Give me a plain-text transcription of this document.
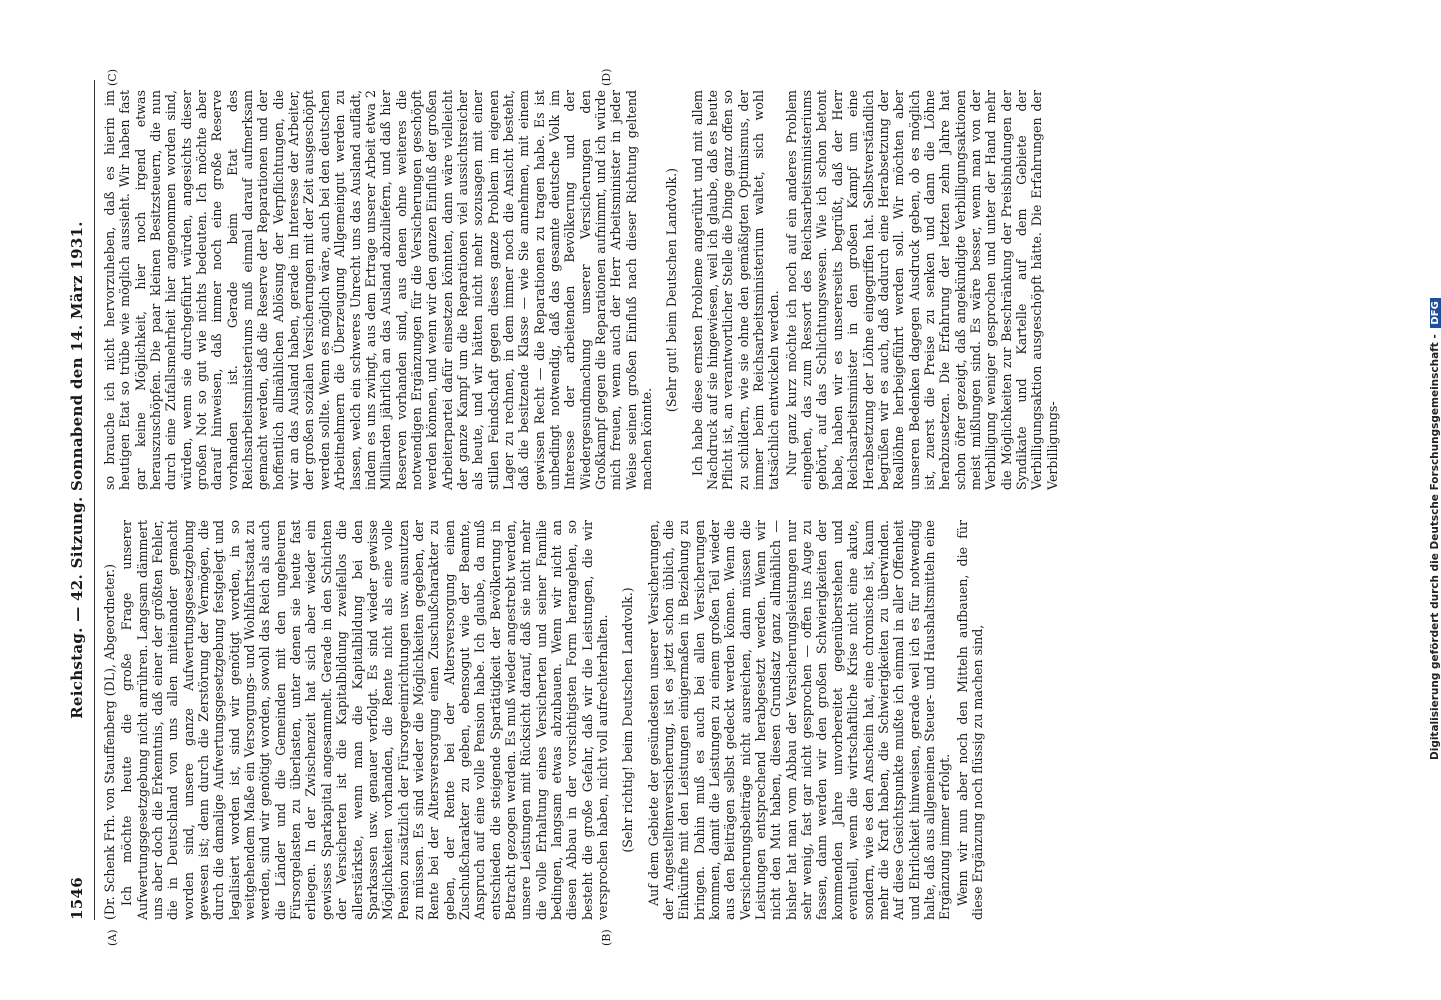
1546
Reichstag. — 42. Sitzung. Sonnabend den 14. März 1931.
(A)	(B)
(C)	(D)

(Dr. Schenk Frh. von Stauffenberg (DL), Abgeordneter.) Ich möchte heute die große Frage unserer Aufwertungsgesetzgebung nicht anrühren. Langsam dämmert uns aber doch die Erkenntnis, daß einer der größten Fehler, die in Deutschland von uns allen miteinander gemacht worden sind, unsere ganze Aufwertungsgesetzgebung gewesen ist; denn durch die Zerstörung der Vermögen, die durch die damalige Aufwertungsgesetzgebung festgelegt und legalisiert worden ist, sind wir genötigt worden, in so weitgehendem Maße ein Versorgungs- und Wohlfahrtsstaat zu werden, sind wir genötigt worden, sowohl das Reich als auch die Länder und die Gemeinden mit den ungeheuren Fürsorgelasten zu überlasten, unter denen sie heute fast erliegen. In der Zwischenzeit hat sich aber wieder ein gewisses Sparkapital angesammelt. Gerade in den Schichten der Versicherten ist die Kapitalbildung zweifellos die allerstärkste, wenn man die Kapitalbildung bei den Sparkassen usw. genauer verfolgt. Es sind wieder gewisse Möglichkeiten vorhanden, die Rente nicht als eine volle Pension zusätzlich der Fürsorgeeinrichtungen usw. ausnutzen zu müssen. Es sind wieder die Möglichkeiten gegeben, der Rente bei der Altersversorgung einen Zuschußcharakter zu geben, der Rente bei der Altersversorgung einen Zuschußcharakter zu geben, ebensogut wie der Beamte, Anspruch auf eine volle Pension habe. Ich glaube, da muß entschieden die steigende Spartätigkeit der Bevölkerung in Betracht gezogen werden. Es muß wieder angestrebt werden, unsere Leistungen mit Rücksicht darauf, daß sie nicht mehr die volle Erhaltung eines Versicherten und seiner Familie bedingen, langsam etwas abzubauen. Wenn wir nicht an diesen Abbau in der vorsichtigsten Form herangehen, so besteht die große Gefahr, daß wir die Leistungen, die wir versprochen haben, nicht voll aufrechterhalten. (Sehr richtig! beim Deutschen Landvolk.) Auf dem Gebiete der gesündesten unserer Versicherungen, der Angestelltenversicherung, ist es jetzt schon üblich, die Einkünfte mit den Leistungen einigermaßen in Beziehung zu bringen. Dahin muß es auch bei allen Versicherungen kommen, damit die Leistungen zu einem großen Teil wieder aus den Beiträgen selbst gedeckt werden können. Wenn die Versicherungsbeiträge nicht ausreichen, dann müssen die Leistungen entsprechend herabgesetzt werden. Wenn wir nicht den Mut haben, diesen Grundsatz ganz allmählich — bisher hat man vom Abbau der Versicherungsleistungen nur sehr wenig, fast gar nicht gesprochen — offen ins Auge zu fassen, dann werden wir den großen Schwierigkeiten der kommenden Jahre unvorbereitet gegenüberstehen und eventuell, wenn die wirtschaftliche Krise nicht eine akute, sondern, wie es den Anschein hat, eine chronische ist, kaum mehr die Kraft haben, die Schwierigkeiten zu überwinden. Auf diese Gesichtspunkte mußte ich einmal in aller Offenheit und Ehrlichkeit hinweisen, gerade weil ich es für notwendig halte, daß aus allgemeinen Steuer- und Haushaltsmitteln eine Ergänzung immer erfolgt. Wenn wir nun aber noch den Mitteln aufbauen, die für diese Ergänzung noch flüssig zu machen sind,

so brauche ich nicht hervorzuheben, daß es hierin im heutigen Etat so trübe wie möglich aussieht. Wir haben fast gar keine Möglichkeit, hier noch irgend etwas herauszuschöpfen. Die paar kleinen Besitzsteuern, die nun durch eine Zufallsmehrheit hier angenommen worden sind, würden, wenn sie durchgeführt würden, angesichts dieser großen Not so gut wie nichts bedeuten. Ich möchte aber darauf hinweisen, daß immer noch eine große Reserve vorhanden ist. Gerade beim Etat des Reichsarbeitsministeriums muß einmal darauf aufmerksam gemacht werden, daß die Reserve der Reparationen und der hoffentlich allmählichen Ablösung der Verpflichtungen, die wir an das Ausland haben, gerade im Interesse der Arbeiter, der großen sozialen Versicherungen mit der Zeit ausgeschöpft werden sollte. Wenn es möglich wäre, auch bei den deutschen Arbeitnehmern die Überzeugung Allgemeingut werden zu lassen, welch ein schweres Unrecht uns das Ausland auflädt, indem es uns zwingt, aus dem Ertrage unserer Arbeit etwa 2 Milliarden jährlich an das Ausland abzuliefern, und daß hier Reserven vorhanden sind, aus denen ohne weiteres die notwendigen Ergänzungen für die Versicherungen geschöpft werden können, und wenn wir den ganzen Einfluß der großen Arbeiterpartei dafür einsetzen könnten, dann wäre vielleicht der ganze Kampf um die Reparationen viel aussichtsreicher als heute, und wir hätten nicht mehr sozusagen mit einer stillen Feindschaft gegen dieses ganze Problem im eigenen Lager zu rechnen, in dem immer noch die Ansicht besteht, daß die besitzende Klasse — wie Sie annehmen, mit einem gewissen Recht — die Reparationen zu tragen habe. Es ist unbedingt notwendig, daß das gesamte deutsche Volk im Interesse der arbeitenden Bevölkerung und der Wiedergesundmachung unserer Versicherungen den Großkampf gegen die Reparationen aufnimmt, und ich würde mich freuen, wenn auch der Herr Arbeitsminister in jeder Weise seinen großen Einfluß nach dieser Richtung geltend machen könnte.

(Sehr gut! beim Deutschen Landvolk.) Ich habe diese ernsten Probleme angerührt und mit allem Nachdruck auf sie hingewiesen, weil ich glaube, daß es heute Pflicht ist, an verantwortlicher Stelle die Dinge ganz offen so zu schildern, wie sie ohne den gemäßigten Optimismus, der immer beim Reichsarbeitsministerium waltet, sich wohl tatsächlich entwickeln werden. Nur ganz kurz möchte ich noch auf ein anderes Problem eingehen, das zum Ressort des Reichsarbeitsministeriums gehört, auf das Schlichtungswesen. Wie ich schon betont habe, haben wir es unsererseits begrüßt, daß der Herr Reichsarbeitsminister in den großen Kampf um eine Herabsetzung der Löhne eingegriffen hat. Selbstverständlich begrüßen wir es auch, daß dadurch eine Herabsetzung der Reallöhne herbeigeführt werden soll. Wir möchten aber unseren Bedenken dagegen Ausdruck geben, ob es möglich ist, zuerst die Preise zu senken und dann die Löhne herabzusetzen. Die Erfahrung der letzten zehn Jahre hat schon öfter gezeigt, daß angekündigte Verbilligungsaktionen meist mißlungen sind. Es wäre besser, wenn man von der Verbilligung weniger gesprochen und unter der Hand mehr die Möglichkeiten zur Beschränkung der Preisbindungen der Syndikate und Kartelle auf dem Gebiete der Verbilligungsaktion ausgeschöpft hätte. Die Erfahrungen der Verbilligungs-	Digitalisierung gefördert durch die Deutsche Forschungsgemeinschaft - DFG
